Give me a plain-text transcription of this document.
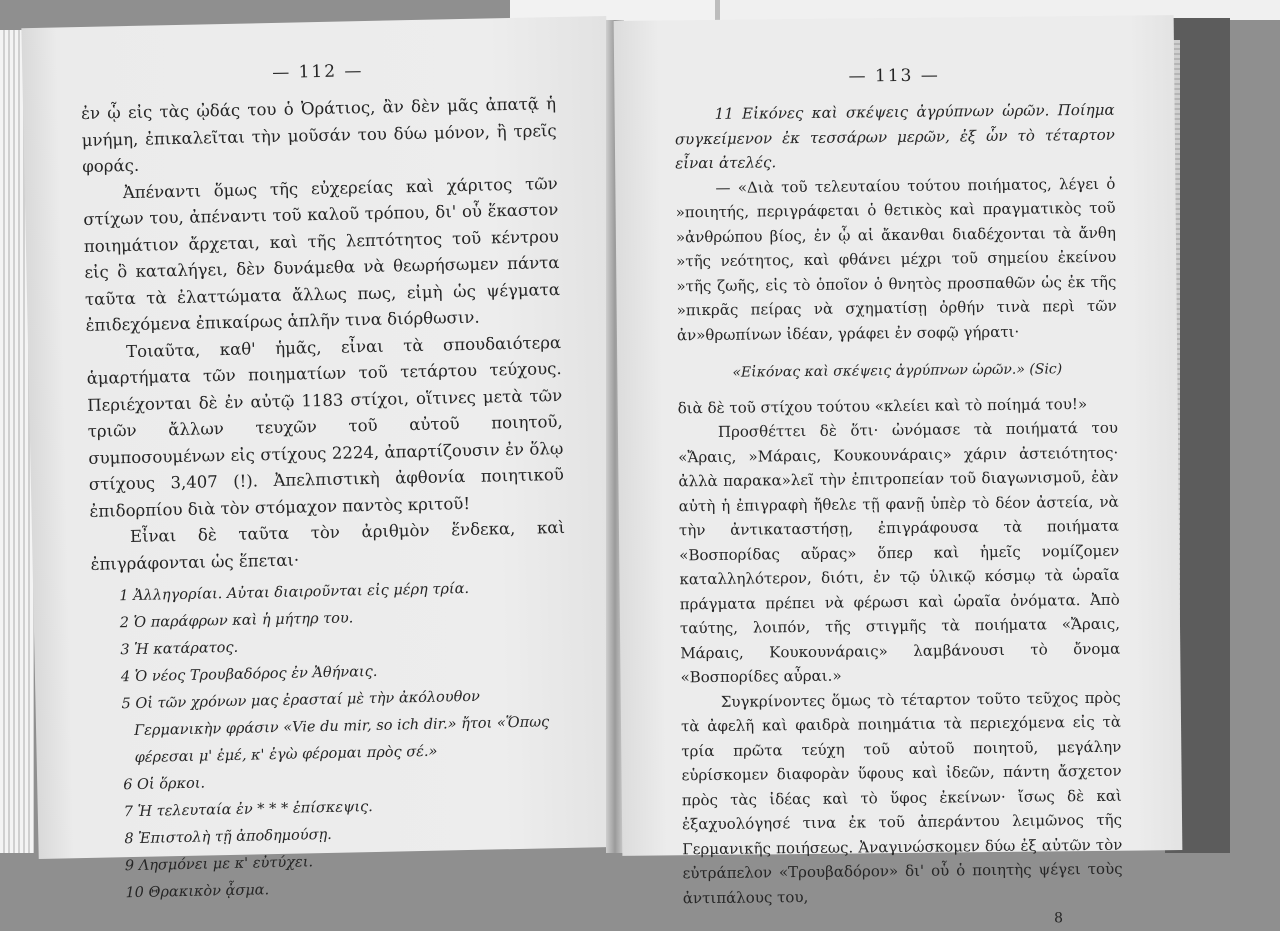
— 112 —

ἐν ᾧ εἰς τὰς ᾠδάς του ὁ Ὀράτιος, ἂν δὲν μᾶς ἀπατᾷ ἡ μνήμη, ἐπικαλεῖται τὴν μοῦσάν του δύω μόνον, ἢ τρεῖς φοράς.

Ἀπέναντι ὅμως τῆς εὐχερείας καὶ χάριτος τῶν στίχων του, ἀπέναντι τοῦ καλοῦ τρόπου, δι' οὗ ἕκαστον ποιημάτιον ἄρχεται, καὶ τῆς λεπτότητος τοῦ κέντρου εἰς ὃ καταλήγει, δὲν δυνάμεθα νὰ θεωρήσωμεν πάντα ταῦτα τὰ ἐλαττώματα ἄλλως πως, εἰμὴ ὡς ψέγματα ἐπιδεχόμενα ἐπικαίρως ἁπλῆν τινα διόρθωσιν.

Τοιαῦτα, καθ' ἡμᾶς, εἶναι τὰ σπουδαιότερα ἁμαρτήματα τῶν ποιηματίων τοῦ τετάρτου τεύχους. Περιέχονται δὲ ἐν αὐτῷ 1183 στίχοι, οἵτινες μετὰ τῶν τριῶν ἄλλων τευχῶν τοῦ αὐτοῦ ποιητοῦ, συμποσουμένων εἰς στίχους 2224, ἀπαρτίζουσιν ἐν ὅλῳ στίχους 3,407 (!). Ἀπελπιστικὴ ἀφθονία ποιητικοῦ ἐπιδορπίου διὰ τὸν στόμαχον παντὸς κριτοῦ!

Εἶναι δὲ ταῦτα τὸν ἀριθμὸν ἕνδεκα, καὶ ἐπιγράφονται ὡς ἕπεται·

1 Ἀλληγορίαι. Αὐται διαιροῦνται εἰς μέρη τρία.
2 Ὁ παράφρων καὶ ἡ μήτηρ του.
3 Ἡ κατάρατος.
4 Ὁ νέος Τρουβαδόρος ἐν Ἀθήναις.
5 Οἱ τῶν χρόνων μας ἐρασταί μὲ τὴν ἀκόλουθον Γερμανικὴν φράσιν «Vie du mir, so ich dir.» ἤτοι «Ὅπως φέρεσαι μ' ἐμέ, κ' ἐγὼ φέρομαι πρὸς σέ.»
6 Οἱ ὅρκοι.
7 Ἡ τελευταία ἐν * * * ἐπίσκεψις.
8 Ἐπιστολὴ τῇ ἀποδημούσῃ.
9 Λησμόνει με κ' εὐτύχει.
10 Θρακικὸν ᾆσμα.
— 113 —

11 Εἰκόνες καὶ σκέψεις ἀγρύπνων ὡρῶν. Ποίημα συγκείμενον ἐκ τεσσάρων μερῶν, ἐξ ὧν τὸ τέταρτον εἶναι ἀτελές.

— «Διὰ τοῦ τελευταίου τούτου ποιήματος, λέγει ὁ »ποιητής, περιγράφεται ὁ θετικὸς καὶ πραγματικὸς τοῦ »ἀνθρώπου βίος, ἐν ᾧ αἱ ἄκανθαι διαδέχονται τὰ ἄνθη »τῆς νεότητος, καὶ φθάνει μέχρι τοῦ σημείου ἐκείνου »τῆς ζωῆς, εἰς τὸ ὁποῖον ὁ θνητὸς προσπαθῶν ὡς ἐκ τῆς »πικρᾶς πείρας νὰ σχηματίσῃ ὀρθήν τινὰ περὶ τῶν ἀν»θρωπίνων ἰδέαν, γράφει ἐν σοφῷ γήρατι·

«Εἰκόνας καὶ σκέψεις ἀγρύπνων ὡρῶν.» (Sic)

διὰ δὲ τοῦ στίχου τούτου «κλείει καὶ τὸ ποίημά του!»

Προσθέττει δὲ ὅτι· ὠνόμασε τὰ ποιήματά του «Ἄραις, »Μάραις, Κουκουνάραις» χάριν ἀστειότητος· ἀλλὰ παρακα»λεῖ τὴν ἐπιτροπείαν τοῦ διαγωνισμοῦ, ἐὰν αὐτὴ ἡ ἐπιγραφὴ ἤθελε τῇ φανῇ ὑπὲρ τὸ δέον ἀστεία, νὰ τὴν ἀντικαταστήσῃ, ἐπιγράφουσα τὰ ποιήματα «Βοσπορίδας αὔρας» ὅπερ καὶ ἡμεῖς νομίζομεν καταλληλότερον, διότι, ἐν τῷ ὑλικῷ κόσμῳ τὰ ὡραῖα πράγματα πρέπει νὰ φέρωσι καὶ ὡραῖα ὀνόματα. Ἀπὸ ταύτης, λοιπόν, τῆς στιγμῆς τὰ ποιήματα «Ἄραις, Μάραις, Κουκουνάραις» λαμβάνουσι τὸ ὄνομα «Βοσπορίδες αὖραι.»

Συγκρίνοντες ὅμως τὸ τέταρτον τοῦτο τεῦχος πρὸς τὰ ἀφελῆ καὶ φαιδρὰ ποιημάτια τὰ περιεχόμενα εἰς τὰ τρία πρῶτα τεύχη τοῦ αὐτοῦ ποιητοῦ, μεγάλην εὑρίσκομεν διαφορὰν ὕφους καὶ ἰδεῶν, πάντη ἄσχετον πρὸς τὰς ἰδέας καὶ τὸ ὕφος ἐκείνων· ἴσως δὲ καὶ ἐξαχυολόγησέ τινα ἐκ τοῦ ἀπεράντου λειμῶνος τῆς Γερμανικῆς ποιήσεως. Ἀναγινώσκομεν δύω ἐξ αὐτῶν τὸν εὐτράπελον «Τρουβαδόρον» δι' οὗ ὁ ποιητὴς ψέγει τοὺς ἀντιπάλους του,

8
